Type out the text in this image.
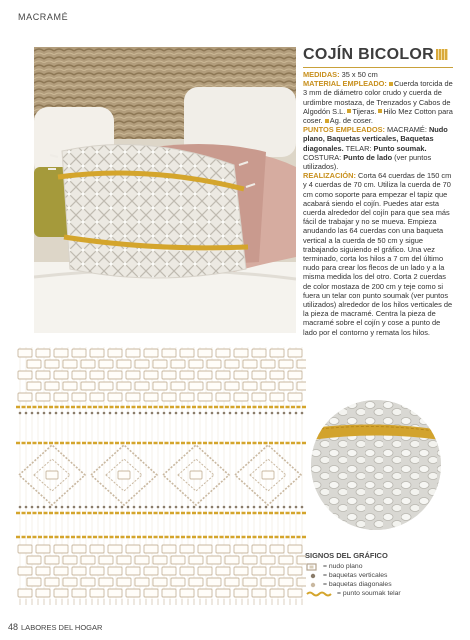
MACRAMÉ
COJÍN BICOLOR

MEDIDAS: 35 x 50 cm

MATERIAL EMPLEADO: Cuerda torcida de 3 mm de diámetro color crudo y cuerda de urdimbre mostaza, de Trenzados y Cabos de Algodón S.L. Tijeras. Hilo Mez Cotton para coser. Ag. de coser.

PUNTOS EMPLEADOS: MACRAMÉ: Nudo plano, Baquetas verticales, Baquetas diagonales. TELAR: Punto soumak. COSTURA: Punto de lado (ver puntos utilizados).

REALIZACIÓN: Corta 64 cuerdas de 150 cm y 4 cuerdas de 70 cm. Utiliza la cuerda de 70 cm como soporte para empezar el tapiz que acabará siendo el cojín. Puedes atar esta cuerda alrededor del cojín para que sea más fácil de trabajar y no se mueva. Empieza anudando las 64 cuerdas con una baqueta vertical a la cuerda de 50 cm y sigue trabajando siguiendo el gráfico. Una vez terminado, corta los hilos a 7 cm del último nudo para crear los flecos de un lado y a la misma medida los del otro. Corta 2 cuerdas de color mostaza de 200 cm y teje como si fuera un telar con punto soumak (ver puntos utilizados) alrededor de los hilos verticales de la pieza de macramé. Centra la pieza de macramé sobre el cojín y cose a punto de lado por el contorno y remata los hilos.

SIGNOS DEL GRÁFICO
= nudo plano
= baquetas verticales
= baquetas diagonales
= punto soumak telar
48 LABORES DEL HOGAR
